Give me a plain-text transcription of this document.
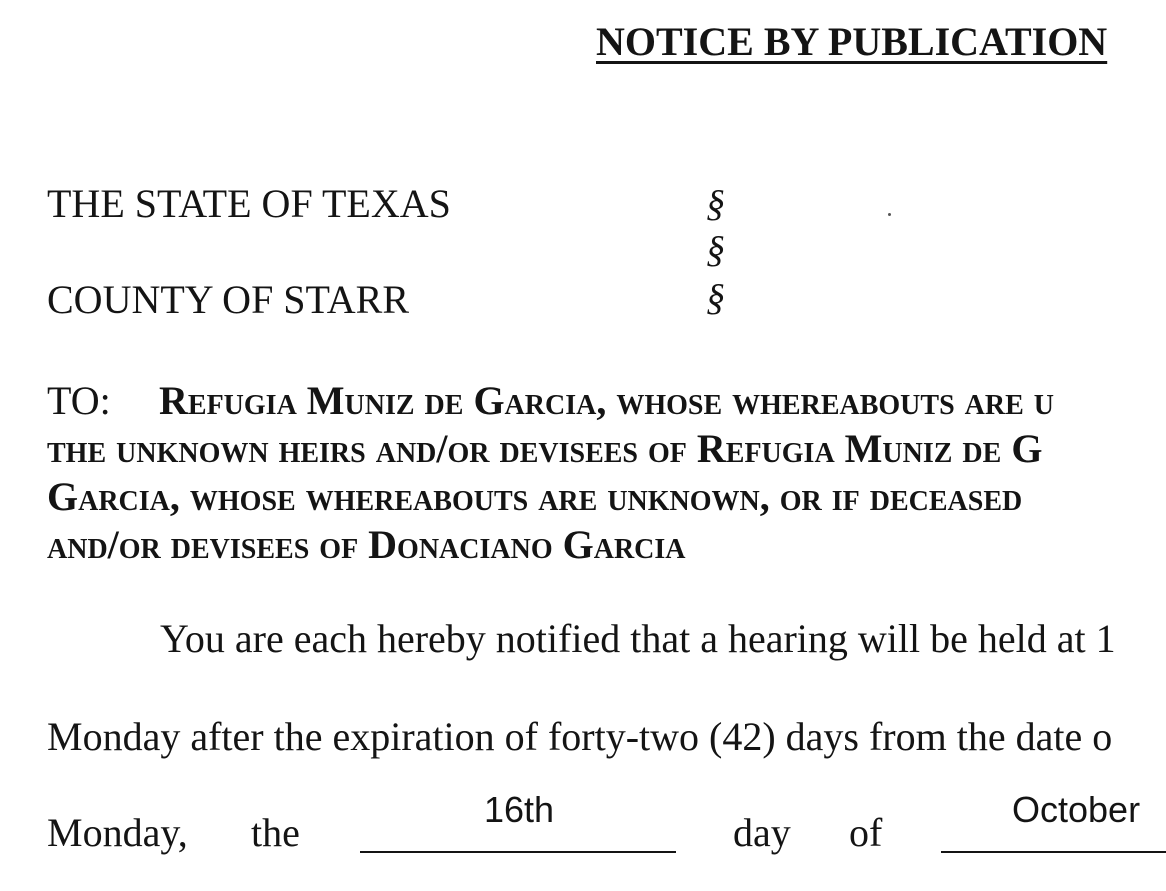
NOTICE BY PUBLICATION
THE STATE OF TEXAS
COUNTY OF STARR
§
§
§
TO: Refugia Muniz de Garcia, whose whereabouts are u
the unknown heirs and/or devisees of Refugia Muniz de G
Garcia, whose whereabouts are unknown, or if deceased
and/or devisees of Donaciano Garcia
You are each hereby notified that a hearing will be held at 1
Monday after the expiration of forty-two (42) days from the date o
Monday, the
16th
day of
October
